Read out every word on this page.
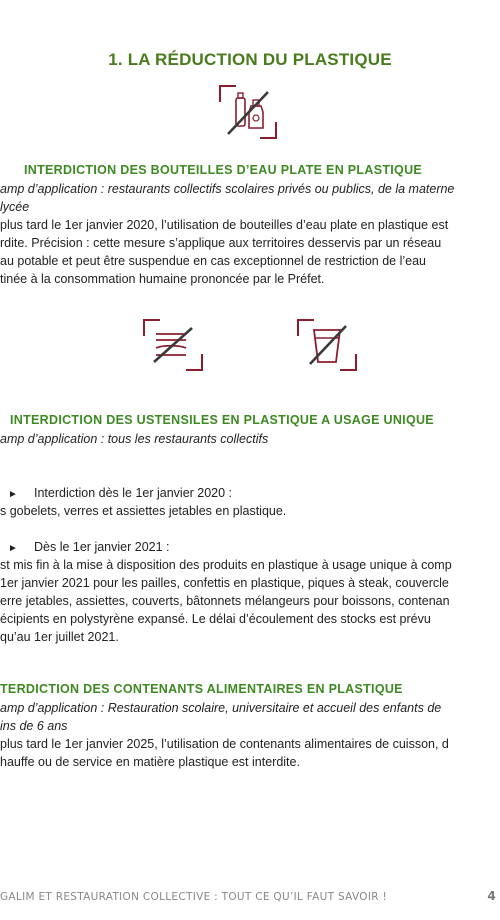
1. LA RÉDUCTION DU PLASTIQUE
INTERDICTION DES BOUTEILLES D’EAU PLATE EN PLASTIQUE
amp d’application : restaurants collectifs scolaires privés ou publics, de la materne
lycée
plus tard le 1er janvier 2020, l’utilisation de bouteilles d’eau plate en plastique est
rdite. Précision : cette mesure s’applique aux territoires desservis par un réseau
au potable et peut être suspendue en cas exceptionnel de restriction de l’eau
tinée à la consommation humaine prononcée par le Préfet.
INTERDICTION DES USTENSILES EN PLASTIQUE A USAGE UNIQUE
amp d’application : tous les restaurants collectifs
► Interdiction dès le 1er janvier 2020 :
s gobelets, verres et assiettes jetables en plastique.
► Dès le 1er janvier 2021 :
st mis fin à la mise à disposition des produits en plastique à usage unique à comp
1er janvier 2021 pour les pailles, confettis en plastique, piques à steak, couvercle
erre jetables, assiettes, couverts, bâtonnets mélangeurs pour boissons, contenan
écipients en polystyrène expansé. Le délai d’écoulement des stocks est prévu
qu’au 1er juillet 2021.
TERDICTION DES CONTENANTS ALIMENTAIRES EN PLASTIQUE
amp d’application : Restauration scolaire, universitaire et accueil des enfants de
ins de 6 ans
plus tard le 1er janvier 2025, l’utilisation de contenants alimentaires de cuisson, d
hauffe ou de service en matière plastique est interdite.
GALIM ET RESTAURATION COLLECTIVE : TOUT CE QU’IL FAUT SAVOIR !	4
